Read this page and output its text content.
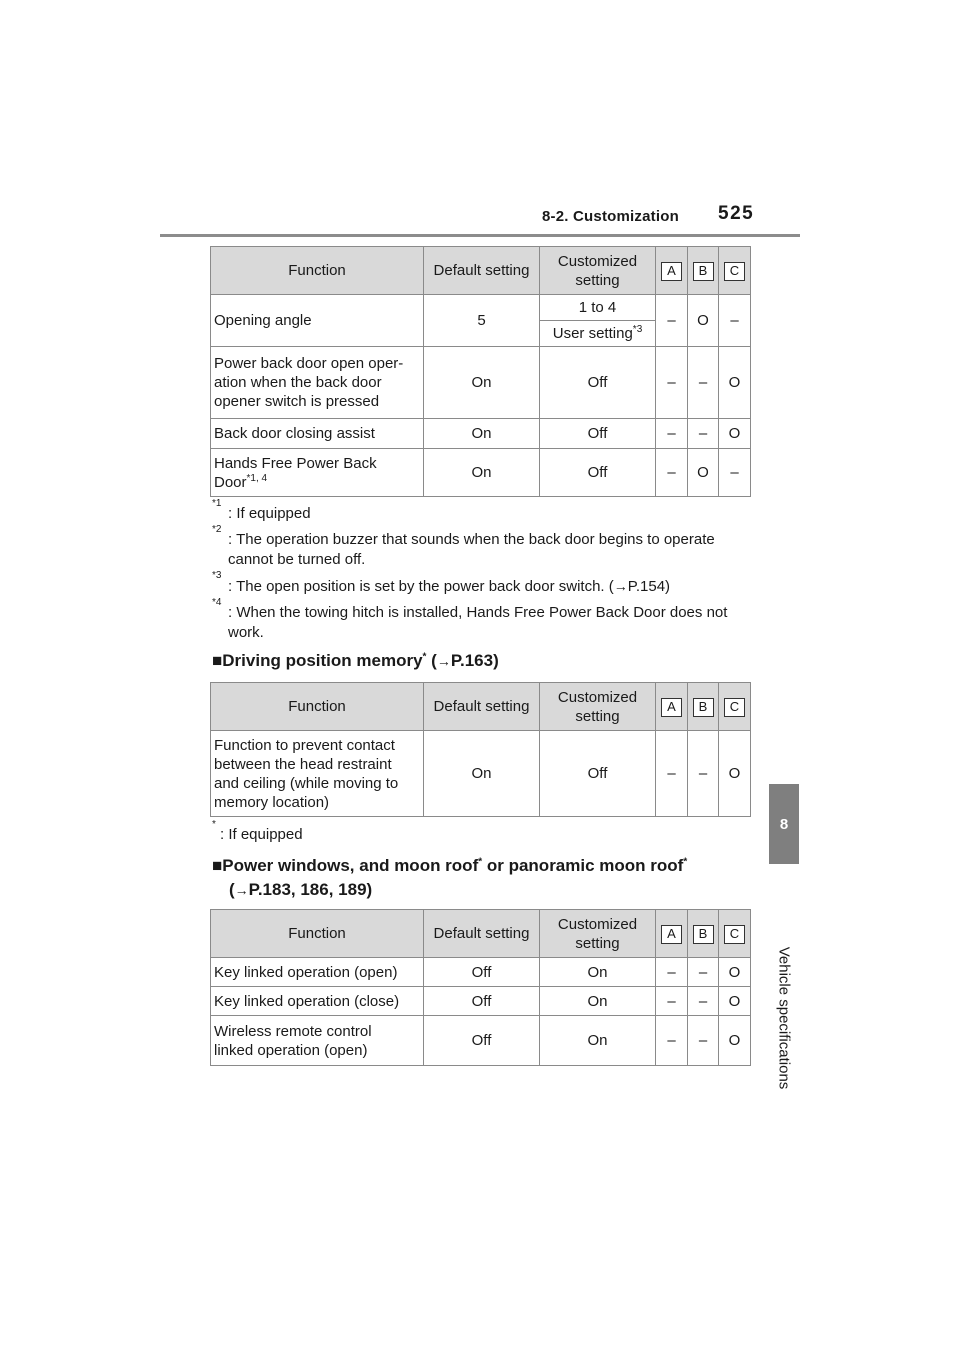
8-2. Customization 525
8
Vehicle specifications
Function	Default setting	Customized
setting	A	B	C
Opening angle	5	1 to 4	–	O	–
		User setting$^{*3}$
Power back door open oper-
ation when the back door
opener switch is pressed	On	Off	–	–	O
Back door closing assist	On	Off	–	–	O
Hands Free Power Back
Door$^{*1, 4}$	On	Off	–	O	–
*1
: If equipped
*2
: The operation buzzer that sounds when the back door begins to operate cannot be turned off.
*3
: The open position is set by the power back door switch. (→P.154)
*4
: When the towing hitch is installed, Hands Free Power Back Door does not work.
■Driving position memory* (→P.163)
Function	Default setting	Customized
setting	A	B	C
Function to prevent contact
between the head restraint
and ceiling (while moving to
memory location)	On	Off	–	–	O
*
: If equipped
■Power windows, and moon roof* or panoramic moon roof*
(→P.183, 186, 189)
Function	Default setting	Customized
setting	A	B	C
Key linked operation (open)	Off	On	–	–	O
Key linked operation (close)	Off	On	–	–	O
Wireless remote control
linked operation (open)	Off	On	–	–	O
